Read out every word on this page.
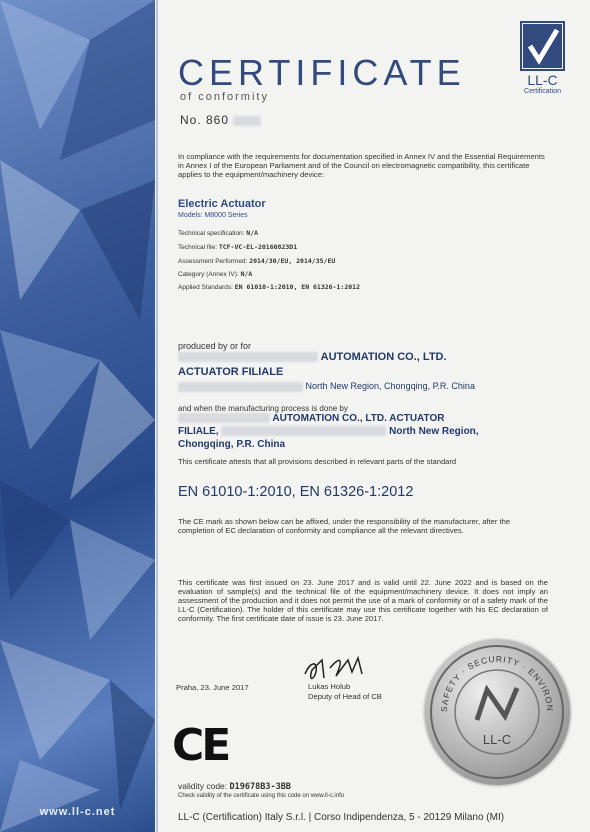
www.ll-c.net
LL-C
Certification
CERTIFICATE
of conformity
No. 860
In compliance with the requirements for documentation specified in Annex IV and the Essential Requirements in Annex I of the European Parliament and of the Council on electromagnetic compatibility, this certificate applies to the equipment/machinery device:
Electric Actuator
Models: M8000 Series
Technical specification: N/A
Technical file: TCF-VC-EL-20160823D1
Assessment Performed: 2014/30/EU, 2014/35/EU
Category (Annex IV): N/A
Applied Standards: EN 61010-1:2010, EN 61326-1:2012
produced by or for
AUTOMATION CO., LTD.
ACTUATOR FILIALE
North New Region, Chongqing, P.R. China
and when the manufacturing process is done by
AUTOMATION CO., LTD. ACTUATOR
FILIALE,	North New Region,
Chongqing, P.R. China
This certificate attests that all provisions described in relevant parts of the standard
EN 61010-1:2010, EN 61326-1:2012
The CE mark as shown below can be affixed, under the responsibility of the manufacturer, after the completion of EC declaration of conformity and compliance all the relevant directives.
This certificate was first issued on 23. June 2017 and is valid until 22. June 2022 and is based on the evaluation of sample(s) and the technical file of the equipment/machinery device. It does not imply an assessment of the production and it does not permit the use of a mark of conformity or of a safety mark of the LL-C (Certification). The holder of this certificate may use this certificate together with his EC declaration of conformity. The first certificate date of issue is 23. June 2017.
Praha, 23. June 2017	Lukas Holub
Deputy of Head of CB
CE
SAFETY · SECURITY · ENVIRON
LL-C
validity code: D19678B3-3BB
Check validity of the certificate using this code on www.ll-c.info
LL-C (Certification) Italy S.r.l. | Corso Indipendenza, 5 - 20129 Milano (MI)
